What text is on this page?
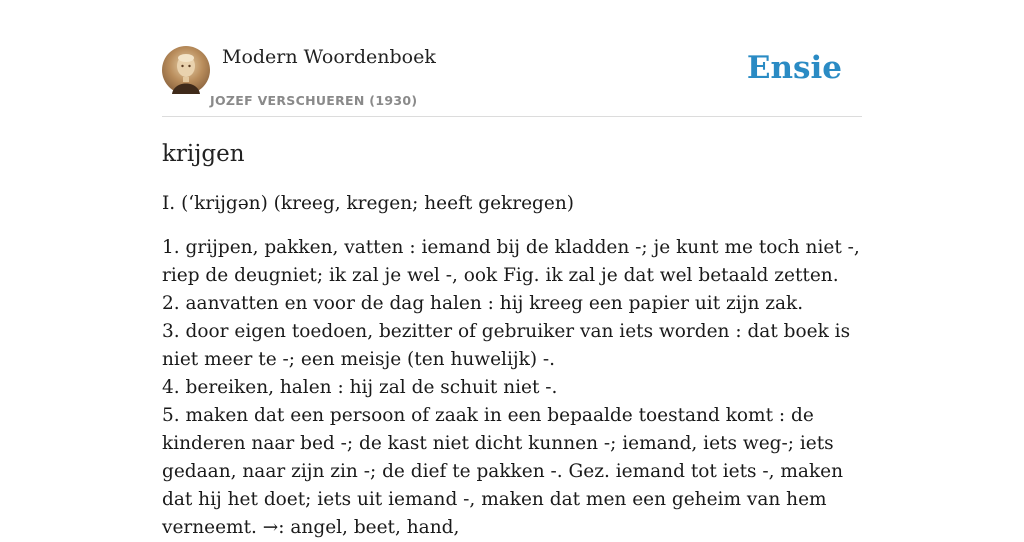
Modern Woordenboek
JOZEF VERSCHUEREN (1930)
Ensie
krijgen

I. (‘krijgən) (kreeg, kregen; heeft gekregen)

1. grijpen, pakken, vatten : iemand bij de kladden -; je kunt me toch niet -, riep de deugniet; ik zal je wel -, ook Fig. ik zal je dat wel betaald zetten.
2. aanvatten en voor de dag halen : hij kreeg een papier uit zijn zak.
3. door eigen toedoen, bezitter of gebruiker van iets worden : dat boek is niet meer te -; een meisje (ten huwelijk) -.
4. bereiken, halen : hij zal de schuit niet -.
5. maken dat een persoon of zaak in een bepaalde toestand komt : de kinderen naar bed -; de kast niet dicht kunnen -; iemand, iets weg-; iets gedaan, naar zijn zin -; de dief te pakken -. Gez. iemand tot iets -, maken dat hij het doet; iets uit iemand -, maken dat men een geheim van hem verneemt. →: angel, beet, hand,
